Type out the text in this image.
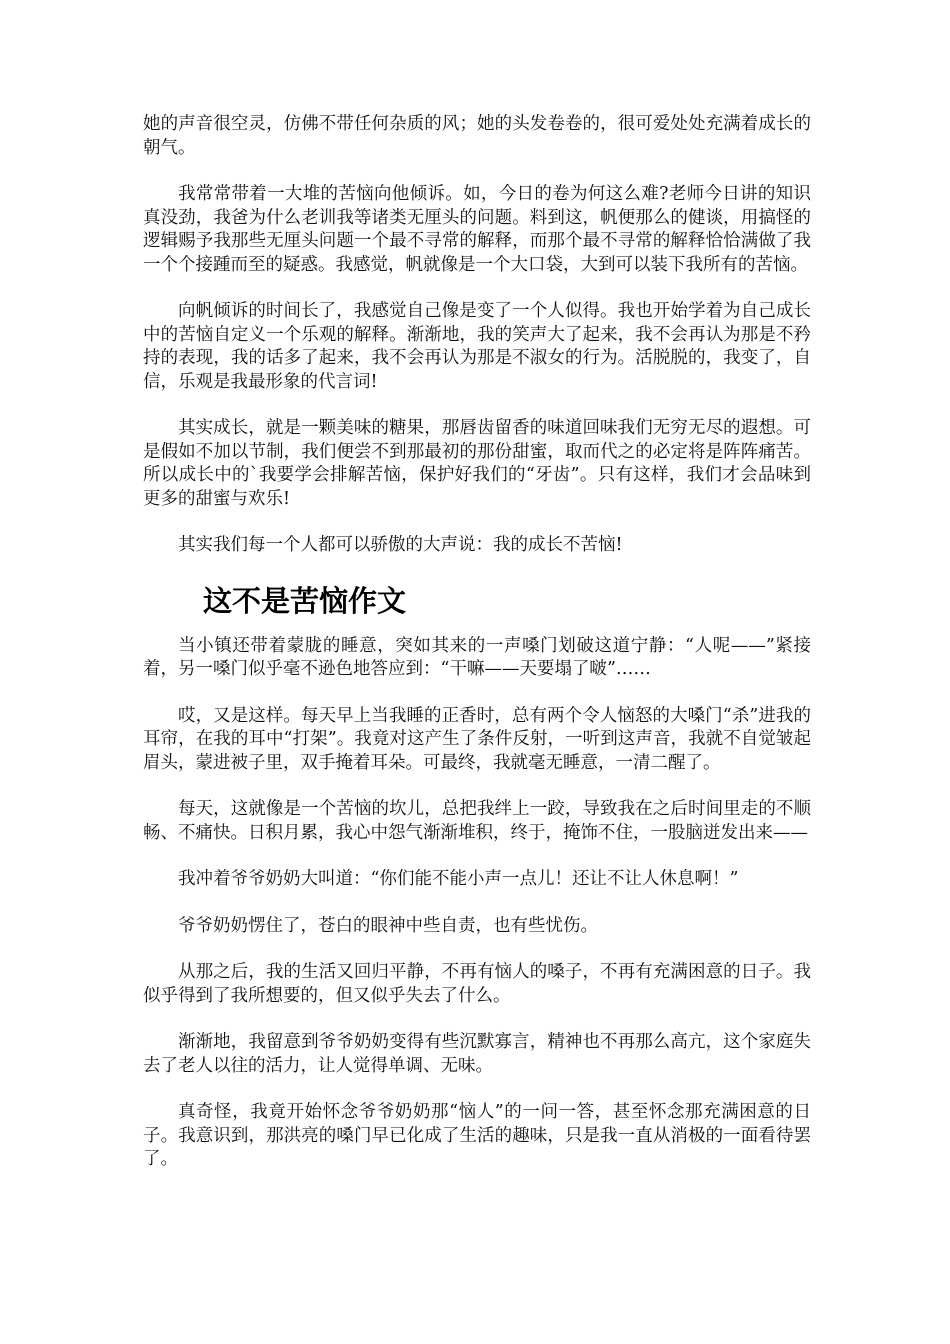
她的声音很空灵，仿佛不带任何杂质的风；她的头发卷卷的，很可爱处处充满着成长的朝气。

我常常带着一大堆的苦恼向他倾诉。如，今日的卷为何这么难?老师今日讲的知识真没劲，我爸为什么老训我等诸类无厘头的问题。料到这，帆便那么的健谈，用搞怪的逻辑赐予我那些无厘头问题一个最不寻常的解释，而那个最不寻常的解释恰恰满做了我一个个接踵而至的疑惑。我感觉，帆就像是一个大口袋，大到可以装下我所有的苦恼。

向帆倾诉的时间长了，我感觉自己像是变了一个人似得。我也开始学着为自己成长中的苦恼自定义一个乐观的解释。渐渐地，我的笑声大了起来，我不会再认为那是不矜持的表现，我的话多了起来，我不会再认为那是不淑女的行为。活脱脱的，我变了，自信，乐观是我最形象的代言词!

其实成长，就是一颗美味的糖果，那唇齿留香的味道回味我们无穷无尽的遐想。可是假如不加以节制，我们便尝不到那最初的那份甜蜜，取而代之的必定将是阵阵痛苦。所以成长中的`我要学会排解苦恼，保护好我们的“牙齿”。只有这样，我们才会品味到更多的甜蜜与欢乐!

其实我们每一个人都可以骄傲的大声说：我的成长不苦恼!

这不是苦恼作文

当小镇还带着蒙胧的睡意，突如其来的一声嗓门划破这道宁静：“人呢——”紧接着，另一嗓门似乎毫不逊色地答应到：“干嘛——天要塌了啵”……

哎，又是这样。每天早上当我睡的正香时，总有两个令人恼怒的大嗓门“杀”进我的耳帘，在我的耳中“打架”。我竟对这产生了条件反射，一听到这声音，我就不自觉皱起眉头，蒙进被子里，双手掩着耳朵。可最终，我就毫无睡意，一清二醒了。

每天，这就像是一个苦恼的坎儿，总把我绊上一跤，导致我在之后时间里走的不顺畅、不痛快。日积月累，我心中怨气渐渐堆积，终于，掩饰不住，一股脑迸发出来——

我冲着爷爷奶奶大叫道：“你们能不能小声一点儿！还让不让人休息啊！”

爷爷奶奶愣住了，苍白的眼神中些自责，也有些忧伤。

从那之后，我的生活又回归平静，不再有恼人的嗓子，不再有充满困意的日子。我似乎得到了我所想要的，但又似乎失去了什么。

渐渐地，我留意到爷爷奶奶变得有些沉默寡言，精神也不再那么高亢，这个家庭失去了老人以往的活力，让人觉得单调、无味。

真奇怪，我竟开始怀念爷爷奶奶那“恼人”的一问一答，甚至怀念那充满困意的日子。我意识到，那洪亮的嗓门早已化成了生活的趣味，只是我一直从消极的一面看待罢了。
